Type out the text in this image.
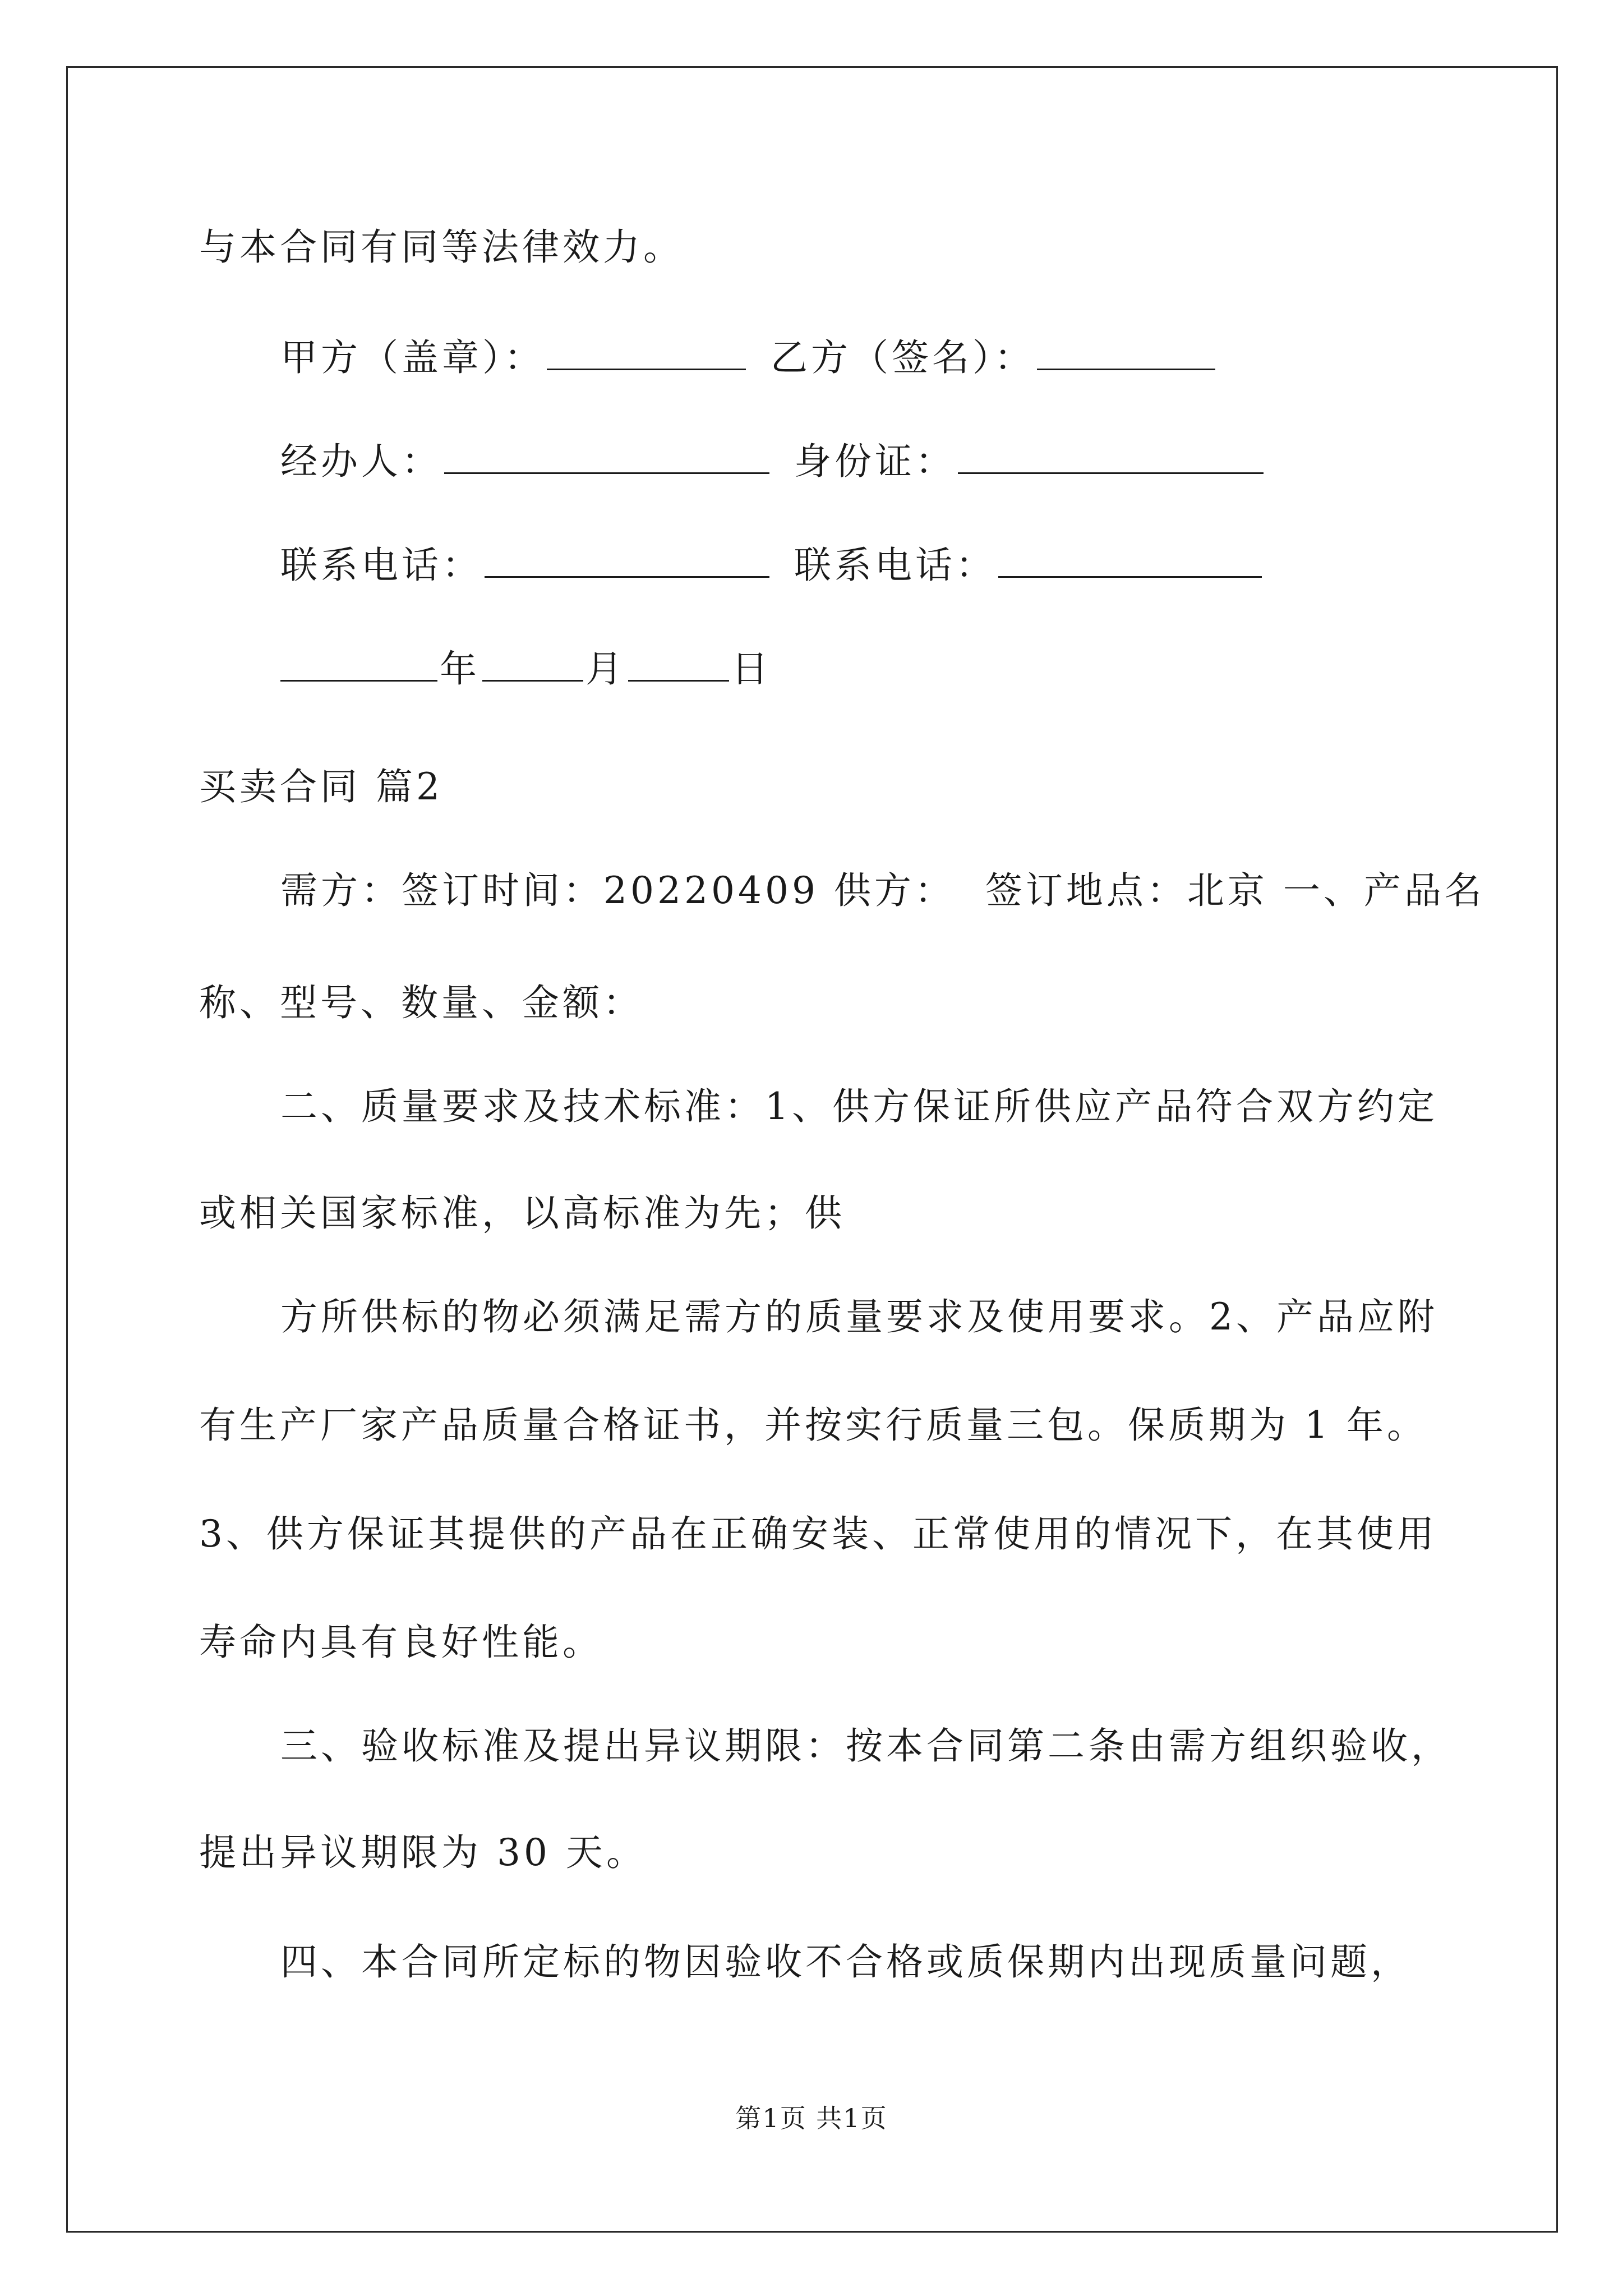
与本合同有同等法律效力。
甲方（盖章）：	乙方（签名）：
经办人：	身份证：
联系电话：	联系电话：
年	月	日
买卖合同 篇2
需方：签订时间：20220409 供方：  签订地点：北京 一、产品名
称、型号、数量、金额：
二、质量要求及技术标准：1、供方保证所供应产品符合双方约定
或相关国家标准，以高标准为先；供
方所供标的物必须满足需方的质量要求及使用要求。2、产品应附
有生产厂家产品质量合格证书，并按实行质量三包。保质期为 1 年。
3、供方保证其提供的产品在正确安装、正常使用的情况下，在其使用
寿命内具有良好性能。
三、验收标准及提出异议期限：按本合同第二条由需方组织验收，
提出异议期限为 30 天。
四、本合同所定标的物因验收不合格或质保期内出现质量问题，
第1页 共1页
